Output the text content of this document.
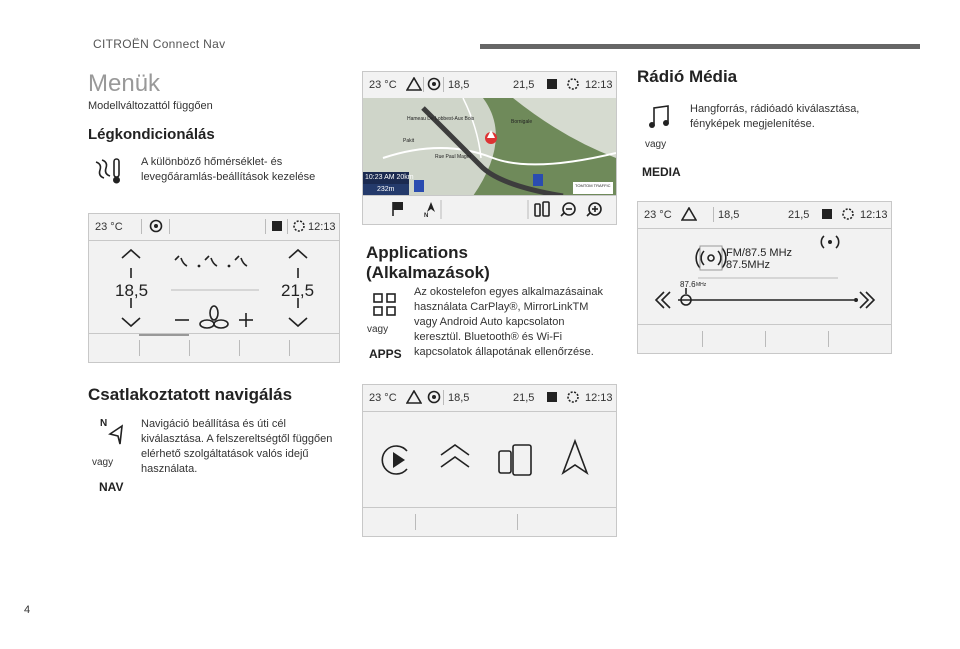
CITROËN Connect Nav
Menük
Modellváltozattól függően
Légkondicionálás
A különböző hőmérséklet- és levegőáramlás-beállítások kezelése
23 °C	12:13
18,5	21,5
Csatlakoztatott navigálás
N
vagy
NAV
Navigáció beállítása és úti cél kiválasztása. A felszereltségtől függően elérhető szolgáltatások valós idejű használata.
23 °C	18,5	21,5	12:13
10:23 AM 20km
232m
TOMTOM TRAFFIC
Hameau De Lobbest-Aux Bois	Bornigale
Rue Paul Mager
Pakit
N
Applications
(Alkalmazások)
vagy
APPS
Az okostelefon egyes alkalmazásainak használata CarPlay®, MirrorLinkTM vagy Android Auto kapcsolaton keresztül. Bluetooth® és Wi-Fi kapcsolatok állapotának ellenőrzése.
23 °C	18,5	21,5	12:13
Rádió Média
vagy
MEDIA
Hangforrás, rádióadó kiválasztása, fényképek megjelenítése.
23 °C	18,5	21,5	12:13
FM/87.5 MHz
87.5MHz
87.6 MHz
4
